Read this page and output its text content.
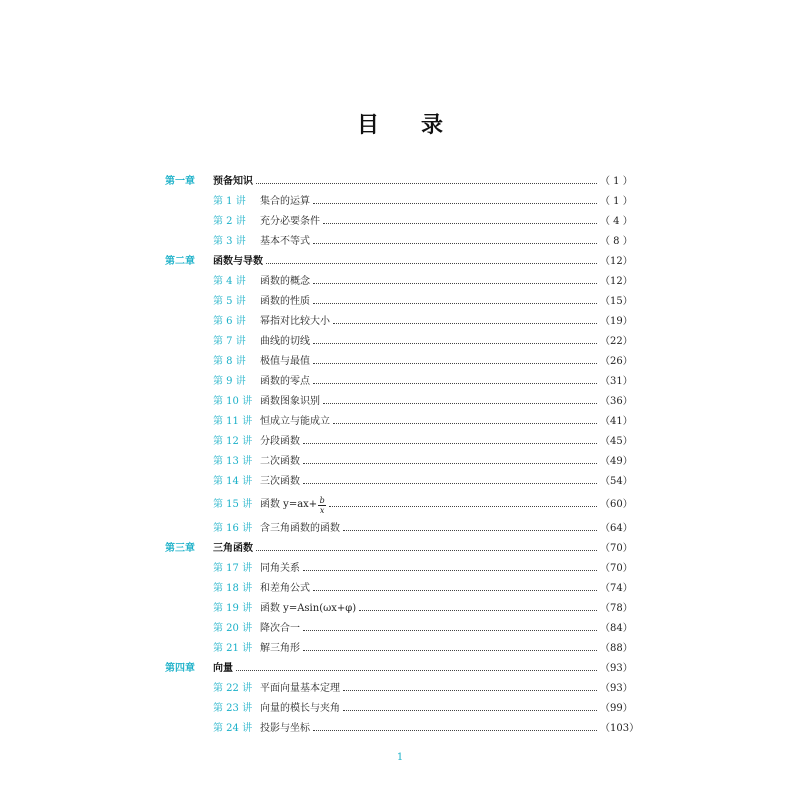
目 录
第一章	预备知识	（ 1 ）
第 1 讲	集合的运算	（ 1 ）
第 2 讲	充分必要条件	（ 4 ）
第 3 讲	基本不等式	（ 8 ）
第二章	函数与导数	（12）
第 4 讲	函数的概念	（12）
第 5 讲	函数的性质	（15）
第 6 讲	幂指对比较大小	（19）
第 7 讲	曲线的切线	（22）
第 8 讲	极值与最值	（26）
第 9 讲	函数的零点	（31）
第 10 讲 函数图象识别	（36）
第 11 讲 恒成立与能成立	（41）
第 12 讲 分段函数	（45）
第 13 讲 二次函数	（49）
第 14 讲 三次函数	（54）
第 15 讲 函数 $y=ax+ \frac{b}{x}$	（60）
第 16 讲 含三角函数的函数	（64）
第三章	三角函数	（70）
第 17 讲 同角关系	（70）
第 18 讲 和差角公式	（74）
第 19 讲 函数 y=Asin(ωx+φ)	（78）
第 20 讲 降次合一	（84）
第 21 讲 解三角形	（88）
第四章	向量	（93）
第 22 讲 平面向量基本定理	（93）
第 23 讲 向量的模长与夹角	（99）
第 24 讲 投影与坐标	（103）
1
